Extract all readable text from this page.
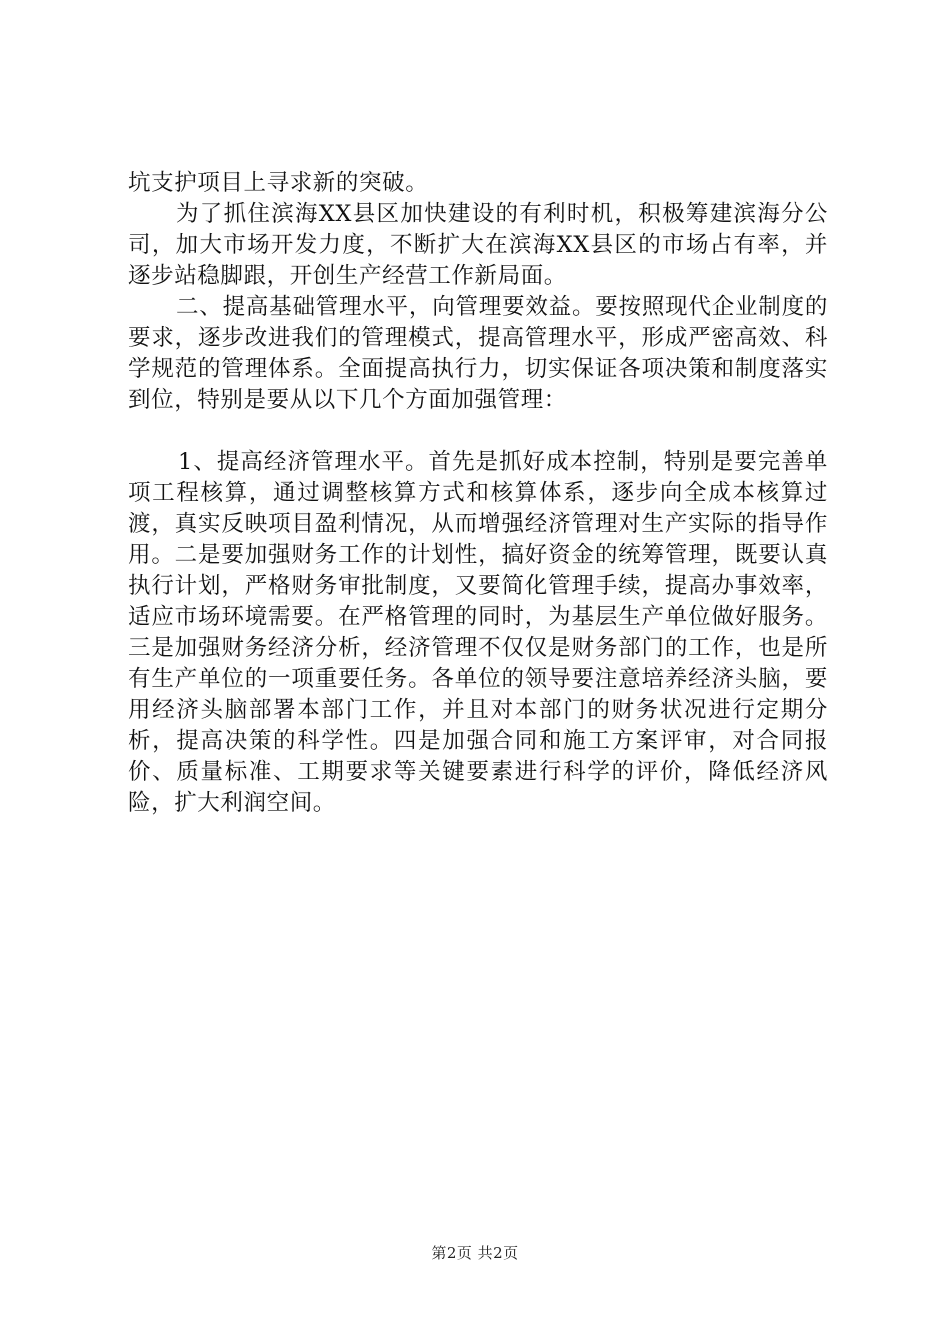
坑支护项目上寻求新的突破。

为了抓住滨海XX县区加快建设的有利时机，积极筹建滨海分公司，加大市场开发力度，不断扩大在滨海XX县区的市场占有率，并逐步站稳脚跟，开创生产经营工作新局面。

二、提高基础管理水平，向管理要效益。要按照现代企业制度的要求，逐步改进我们的管理模式，提高管理水平，形成严密高效、科学规范的管理体系。全面提高执行力，切实保证各项决策和制度落实到位，特别是要从以下几个方面加强管理：

1、提高经济管理水平。首先是抓好成本控制，特别是要完善单项工程核算，通过调整核算方式和核算体系，逐步向全成本核算过渡，真实反映项目盈利情况，从而增强经济管理对生产实际的指导作用。二是要加强财务工作的计划性，搞好资金的统筹管理，既要认真执行计划，严格财务审批制度，又要简化管理手续，提高办事效率，适应市场环境需要。在严格管理的同时，为基层生产单位做好服务。三是加强财务经济分析，经济管理不仅仅是财务部门的工作，也是所有生产单位的一项重要任务。各单位的领导要注意培养经济头脑，要用经济头脑部署本部门工作，并且对本部门的财务状况进行定期分析，提高决策的科学性。四是加强合同和施工方案评审，对合同报价、质量标准、工期要求等关键要素进行科学的评价，降低经济风险，扩大利润空间。

第2页 共2页
